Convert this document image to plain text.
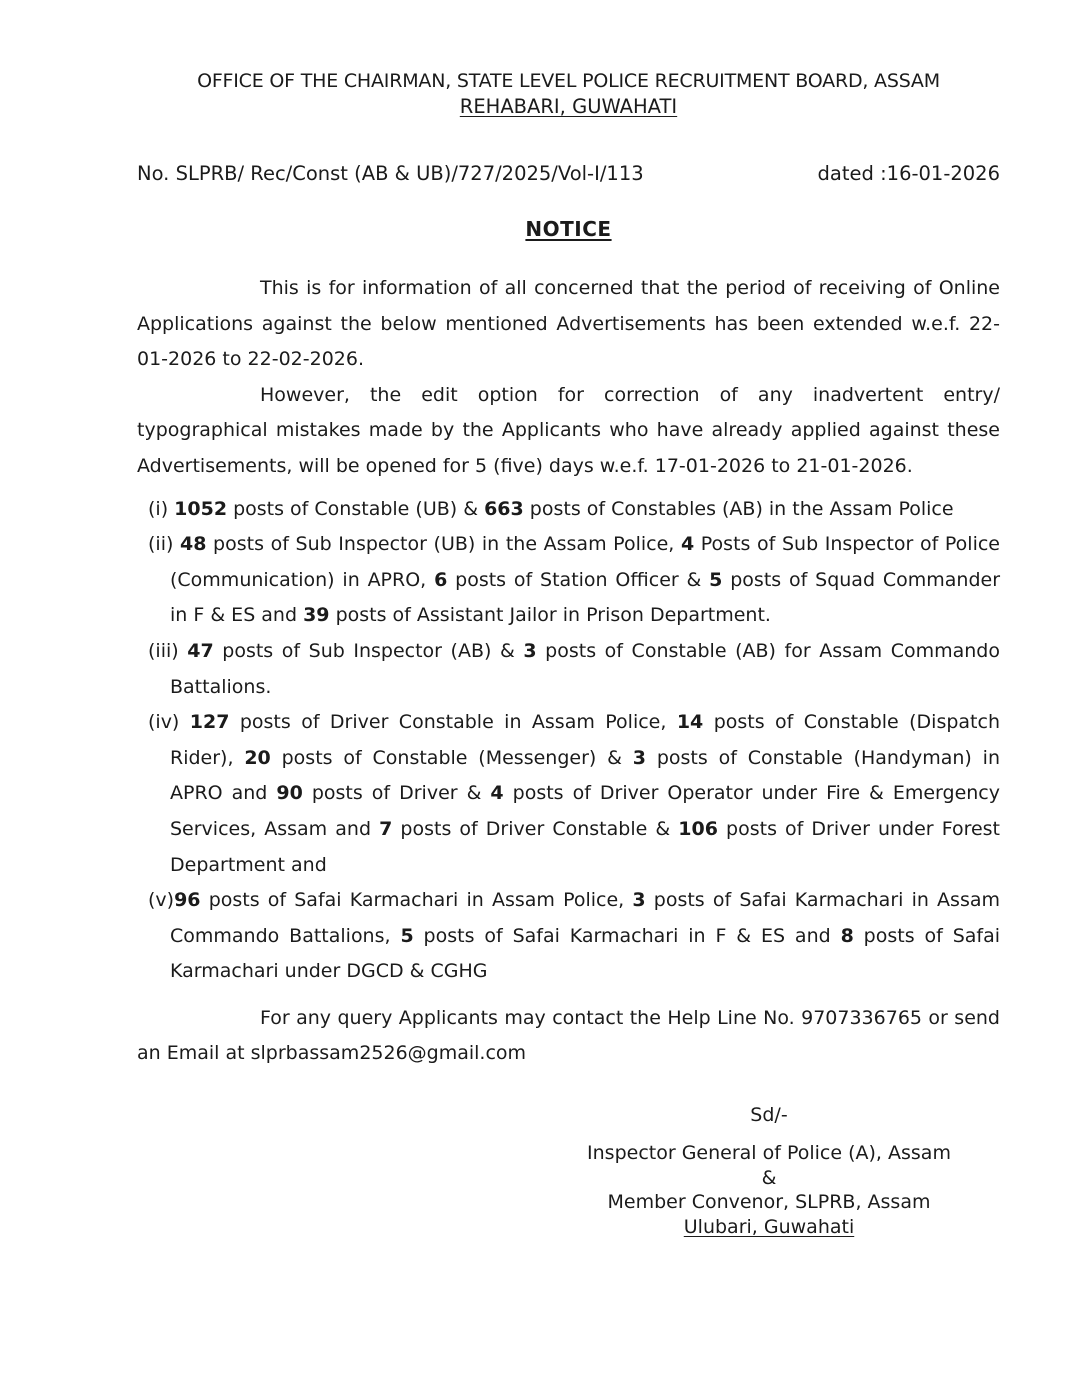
OFFICE OF THE CHAIRMAN, STATE LEVEL POLICE RECRUITMENT BOARD, ASSAM
REHABARI, GUWAHATI
No. SLPRB/ Rec/Const (AB & UB)/727/2025/Vol-I/113	dated :16-01-2026
NOTICE

This is for information of all concerned that the period of receiving of Online Applications against the below mentioned Advertisements has been extended w.e.f. 22-01-2026 to 22-02-2026.

However, the edit option for correction of any inadvertent entry/ typographical mistakes made by the Applicants who have already applied against these Advertisements, will be opened for 5 (five) days w.e.f. 17-01-2026 to 21-01-2026.

(i) 1052 posts of Constable (UB) & 663 posts of Constables (AB) in the Assam Police

(ii) 48 posts of Sub Inspector (UB) in the Assam Police, 4 Posts of Sub Inspector of Police (Communication) in APRO, 6 posts of Station Officer & 5 posts of Squad Commander in F & ES and 39 posts of Assistant Jailor in Prison Department.

(iii) 47 posts of Sub Inspector (AB) & 3 posts of Constable (AB) for Assam Commando Battalions.

(iv) 127 posts of Driver Constable in Assam Police, 14 posts of Constable (Dispatch Rider), 20 posts of Constable (Messenger) & 3 posts of Constable (Handyman) in APRO and 90 posts of Driver & 4 posts of Driver Operator under Fire & Emergency Services, Assam and 7 posts of Driver Constable & 106 posts of Driver under Forest Department and

(v)96 posts of Safai Karmachari in Assam Police, 3 posts of Safai Karmachari in Assam Commando Battalions, 5 posts of Safai Karmachari in F & ES and 8 posts of Safai Karmachari under DGCD & CGHG

For any query Applicants may contact the Help Line No. 9707336765 or send an Email at slprbassam2526@gmail.com

Sd/-
Inspector General of Police (A), Assam
&
Member Convenor, SLPRB, Assam
Ulubari, Guwahati
